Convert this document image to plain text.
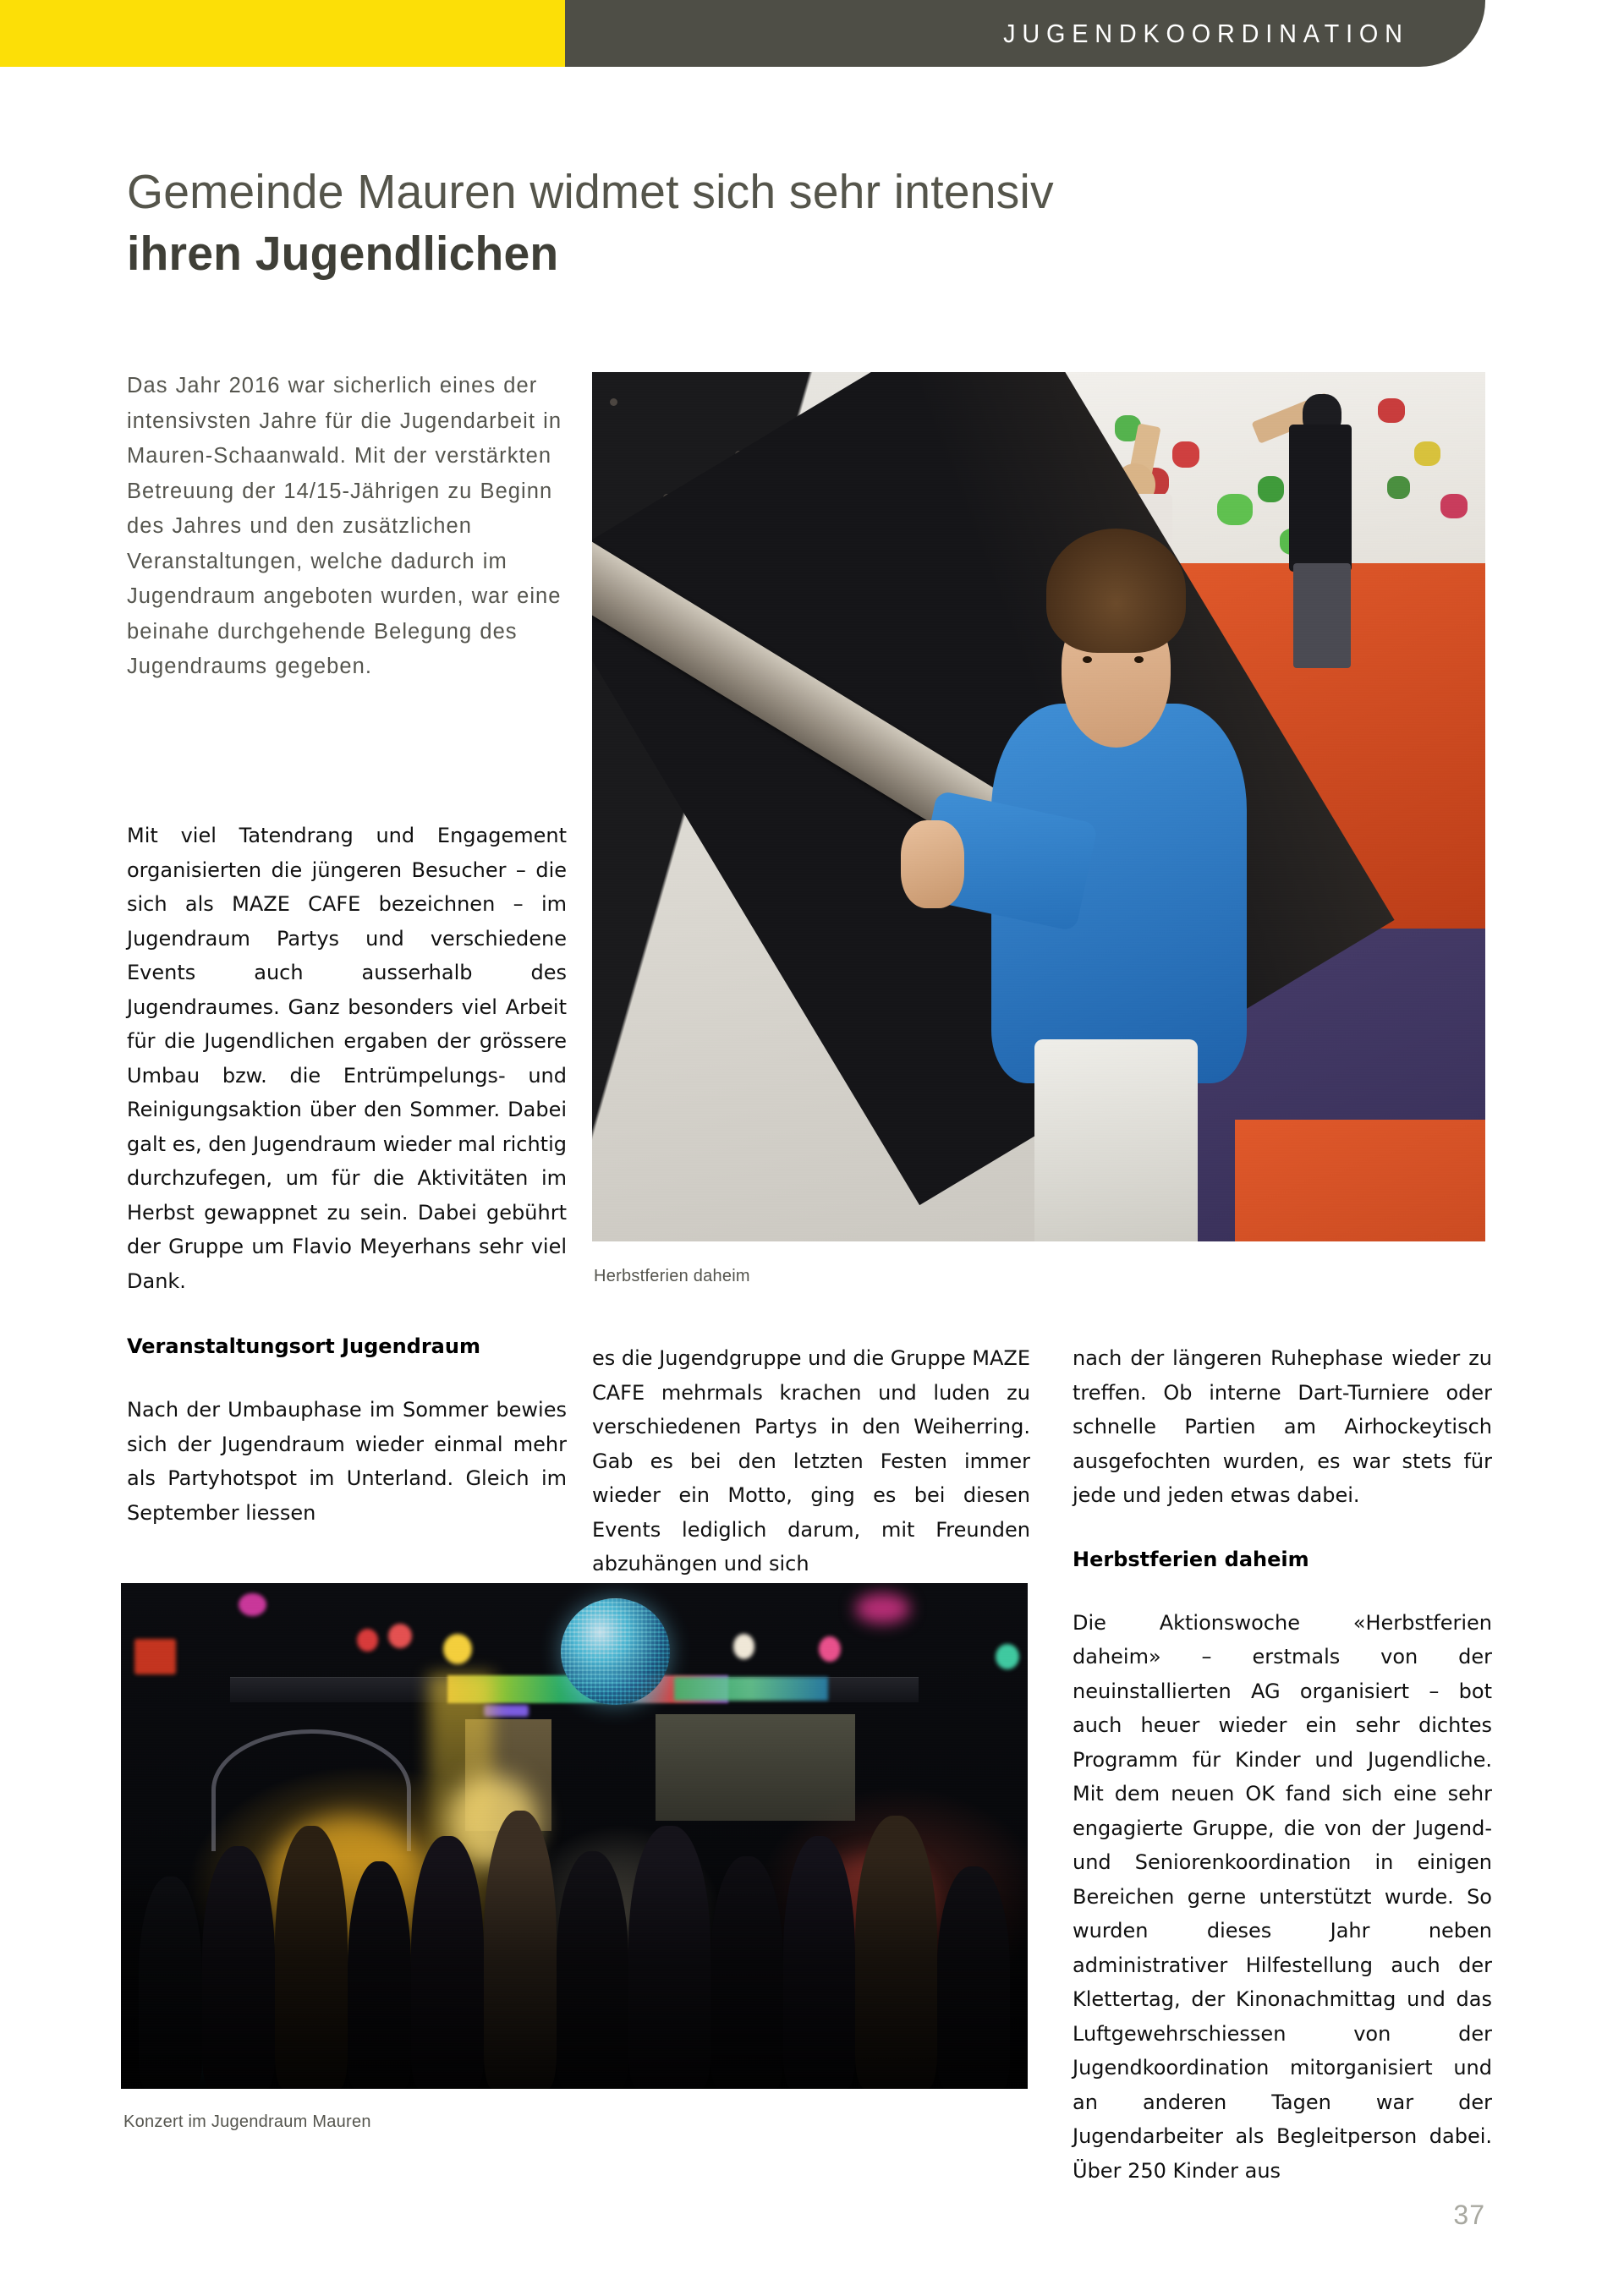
JUGENDKOORDINATION
Gemeinde Mauren widmet sich sehr intensiv
ihren Jugendlichen

Das Jahr 2016 war sicherlich eines der intensivsten Jahre für die Jugendarbeit in Mauren-Schaanwald. Mit der verstärkten Betreuung der 14/15-Jährigen zu Beginn des Jahres und den zusätzlichen Veranstaltungen, welche dadurch im Jugendraum angeboten wurden, war eine beinahe durchgehende Belegung des Jugendraums gegeben.

Mit viel Tatendrang und Engagement organisierten die jüngeren Besucher – die sich als MAZE CAFE bezeichnen – im Jugendraum Partys und verschiedene Events auch ausserhalb des Jugendraumes. Ganz besonders viel Arbeit für die Jugendlichen ergaben der grössere Umbau bzw. die Entrümpelungs- und Reinigungsaktion über den Sommer. Dabei galt es, den Jugendraum wieder mal richtig durchzufegen, um für die Aktivitäten im Herbst gewappnet zu sein. Dabei gebührt der Gruppe um Flavio Meyerhans sehr viel Dank.

Veranstaltungsort Jugendraum

Nach der Umbauphase im Sommer bewies sich der Jugendraum wieder einmal mehr als Partyhotspot im Unterland. Gleich im September liessen

es die Jugendgruppe und die Gruppe MAZE CAFE mehrmals krachen und luden zu verschiedenen Partys in den Weiherring. Gab es bei den letzten Festen immer wieder ein Motto, ging es bei diesen Events lediglich darum, mit Freunden abzuhängen und sich

nach der längeren Ruhephase wieder zu treffen. Ob interne Dart-Turniere oder schnelle Partien am Airhockeytisch ausgefochten wurden, es war stets für jede und jeden etwas dabei.

Herbstferien daheim

Die Aktionswoche «Herbstferien daheim» – erstmals von der neuinstallierten AG organisiert – bot auch heuer wieder ein sehr dichtes Programm für Kinder und Jugendliche. Mit dem neuen OK fand sich eine sehr engagierte Gruppe, die von der Jugend- und Seniorenkoordination in einigen Bereichen gerne unterstützt wurde. So wurden dieses Jahr neben administrativer Hilfestellung auch der Klettertag, der Kinonachmittag und das Luftgewehrschiessen von der Jugendkoordination mitorganisiert und an anderen Tagen war der Jugendarbeiter als Begleitperson dabei. Über 250 Kinder aus

Herbstferien daheim
Konzert im Jugendraum Mauren
37
